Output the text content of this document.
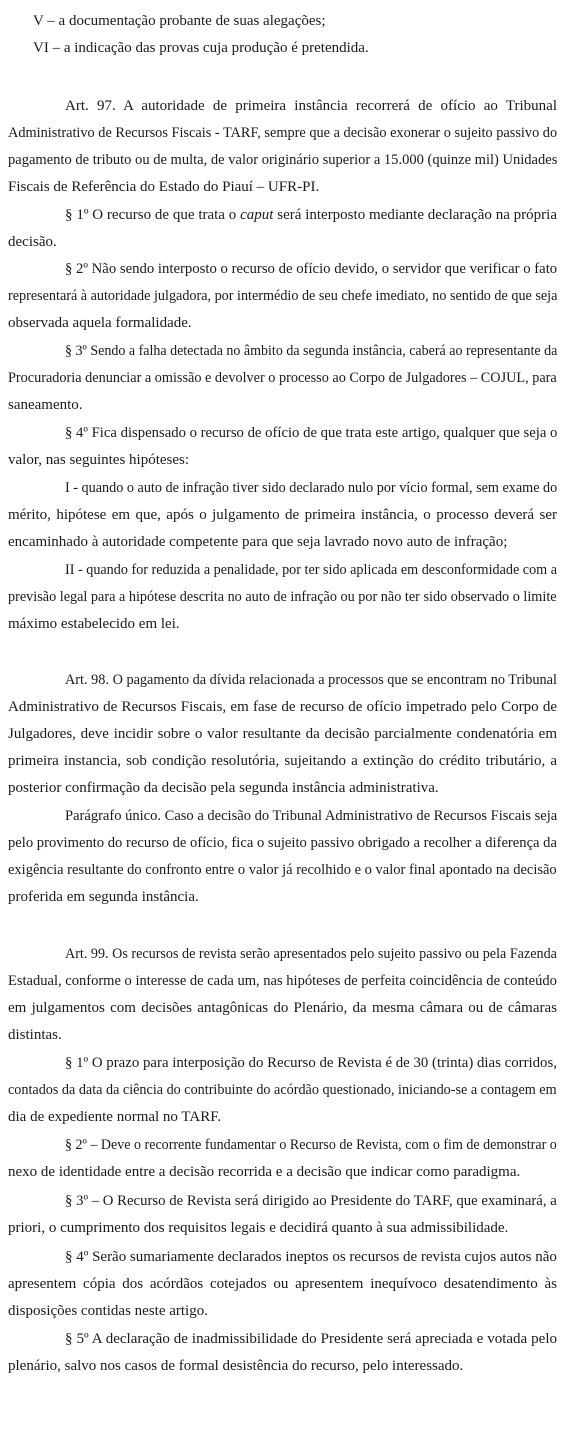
V – a documentação probante de suas alegações;
VI – a indicação das provas cuja produção é pretendida.
Art. 97. A autoridade de primeira instância recorrerá de ofício ao Tribunal
Administrativo de Recursos Fiscais - TARF, sempre que a decisão exonerar o sujeito passivo do
pagamento de tributo ou de multa, de valor originário superior a 15.000 (quinze mil) Unidades
Fiscais de Referência do Estado do Piauí – UFR-PI.
§ 1º O recurso de que trata o caput será interposto mediante declaração na própria
decisão.
§ 2º Não sendo interposto o recurso de ofício devido, o servidor que verificar o fato
representará à autoridade julgadora, por intermédio de seu chefe imediato, no sentido de que seja
observada aquela formalidade.
§ 3º Sendo a falha detectada no âmbito da segunda instância, caberá ao representante da
Procuradoria denunciar a omissão e devolver o processo ao Corpo de Julgadores – COJUL, para
saneamento.
§ 4º Fica dispensado o recurso de ofício de que trata este artigo, qualquer que seja o
valor, nas seguintes hipóteses:
I - quando o auto de infração tiver sido declarado nulo por vício formal, sem exame do
mérito, hipótese em que, após o julgamento de primeira instância, o processo deverá ser
encaminhado à autoridade competente para que seja lavrado novo auto de infração;
II - quando for reduzida a penalidade, por ter sido aplicada em desconformidade com a
previsão legal para a hipótese descrita no auto de infração ou por não ter sido observado o limite
máximo estabelecido em lei.
Art. 98. O pagamento da dívida relacionada a processos que se encontram no Tribunal
Administrativo de Recursos Fiscais, em fase de recurso de ofício impetrado pelo Corpo de
Julgadores, deve incidir sobre o valor resultante da decisão parcialmente condenatória em
primeira instancia, sob condição resolutória, sujeitando a extinção do crédito tributário, a
posterior confirmação da decisão pela segunda instância administrativa.
Parágrafo único. Caso a decisão do Tribunal Administrativo de Recursos Fiscais seja
pelo provimento do recurso de ofício, fica o sujeito passivo obrigado a recolher a diferença da
exigência resultante do confronto entre o valor já recolhido e o valor final apontado na decisão
proferida em segunda instância.
Art. 99. Os recursos de revista serão apresentados pelo sujeito passivo ou pela Fazenda
Estadual, conforme o interesse de cada um, nas hipóteses de perfeita coincidência de conteúdo
em julgamentos com decisões antagônicas do Plenário, da mesma câmara ou de câmaras
distintas.
§ 1º O prazo para interposição do Recurso de Revista é de 30 (trinta) dias corridos,
contados da data da ciência do contribuinte do acórdão questionado, iniciando-se a contagem em
dia de expediente normal no TARF.
§ 2º – Deve o recorrente fundamentar o Recurso de Revista, com o fim de demonstrar o
nexo de identidade entre a decisão recorrida e a decisão que indicar como paradigma.
§ 3º – O Recurso de Revista será dirigido ao Presidente do TARF, que examinará, a
priori, o cumprimento dos requisitos legais e decidirá quanto à sua admissibilidade.
§ 4º Serão sumariamente declarados ineptos os recursos de revista cujos autos não
apresentem cópia dos acórdãos cotejados ou apresentem inequívoco desatendimento às
disposições contidas neste artigo.
§ 5º A declaração de inadmissibilidade do Presidente será apreciada e votada pelo
plenário, salvo nos casos de formal desistência do recurso, pelo interessado.
